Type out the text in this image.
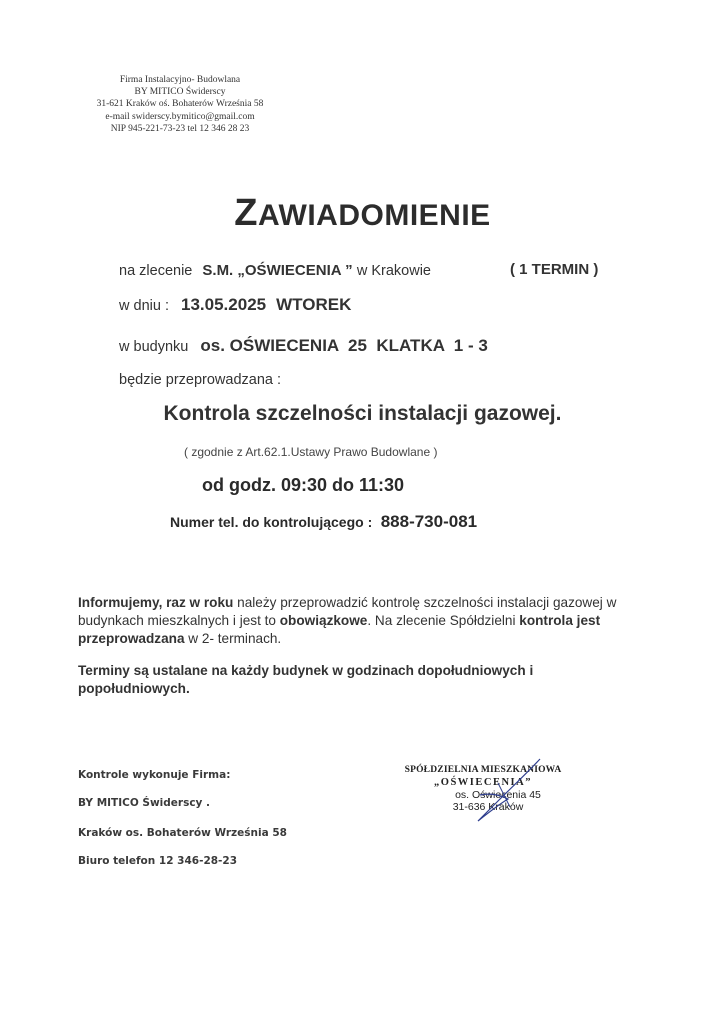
Firma Instalacyjno- Budowlana
BY MITICO Świderscy
31-621 Kraków oś. Bohaterów Września 58
e-mail swiderscy.bymitico@gmail.com
NIP 945-221-73-23 tel 12 346 28 23
ZAWIADOMIENIE
na zlecenie S.M. „OŚWIECENIA ” w Krakowie	( 1 TERMIN )
w dniu : 13.05.2025 WTOREK
w budynku os. OŚWIECENIA  25  KLATKA  1 - 3
będzie przeprowadzana :
Kontrola szczelności instalacji gazowej.
( zgodnie z Art.62.1.Ustawy Prawo Budowlane )
od godz. 09:30 do 11:30
Numer tel. do kontrolującego : 888-730-081
Informujemy, raz w roku należy przeprowadzić kontrolę szczelności instalacji gazowej w budynkach mieszkalnych i jest to obowiązkowe. Na zlecenie Spółdzielni kontrola jest przeprowadzana w 2- terminach.
Terminy są ustalane na każdy budynek w godzinach dopołudniowych i popołudniowych.
Kontrole wykonuje Firma:
BY MITICO Świderscy .
Kraków os. Bohaterów Września 58
Biuro telefon 12 346-28-23
SPÓŁDZIELNIA MIESZKANIOWA
„OŚWIECENIA”
os. Oświecenia 45
31-636 Kraków
